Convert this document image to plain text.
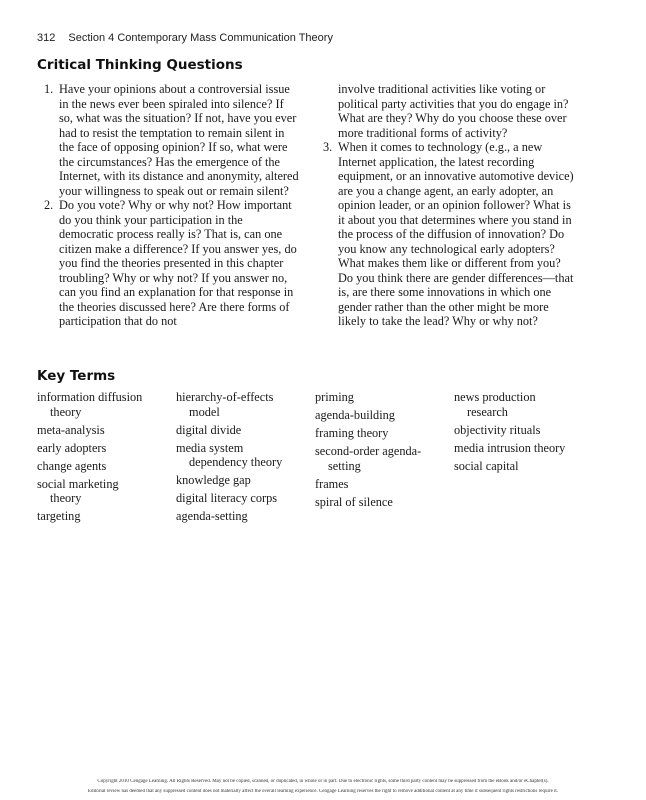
312 Section 4 Contemporary Mass Communication Theory
Critical Thinking Questions
1. Have your opinions about a controversial issue in the news ever been spiraled into silence? If so, what was the situation? If not, have you ever had to resist the temptation to remain silent in the face of opposing opinion? If so, what were the circumstances? Has the emergence of the Internet, with its distance and anonymity, altered your willingness to speak out or remain silent?
2. Do you vote? Why or why not? How important do you think your participation in the democratic process really is? That is, can one citizen make a difference? If you answer yes, do you find the theories presented in this chapter troubling? Why or why not? If you answer no, can you find an explanation for that response in the theories discussed here? Are there forms of participation that do not
involve traditional activities like voting or political party activities that you do engage in? What are they? Why do you choose these over more traditional forms of activity?
3. When it comes to technology (e.g., a new Internet application, the latest recording equipment, or an innovative automotive device) are you a change agent, an early adopter, an opinion leader, or an opinion follower? What is it about you that determines where you stand in the process of the diffusion of innovation? Do you know any technological early adopters? What makes them like or different from you? Do you think there are gender differences—that is, are there some innovations in which one gender rather than the other might be more likely to take the lead? Why or why not?
Key Terms
information diffusion theory
meta-analysis
early adopters
change agents
social marketing theory
targeting
hierarchy-of-effects model
digital divide
media system dependency theory
knowledge gap
digital literacy corps
agenda-setting
priming
agenda-building
framing theory
second-order agenda-setting
frames
spiral of silence
news production research
objectivity rituals
media intrusion theory
social capital
Copyright 2010 Cengage Learning. All Rights Reserved. May not be copied, scanned, or duplicated, in whole or in part. Due to electronic rights, some third party content may be suppressed from the eBook and/or eChapter(s).
Editorial review has deemed that any suppressed content does not materially affect the overall learning experience. Cengage Learning reserves the right to remove additional content at any time if subsequent rights restrictions require it.
